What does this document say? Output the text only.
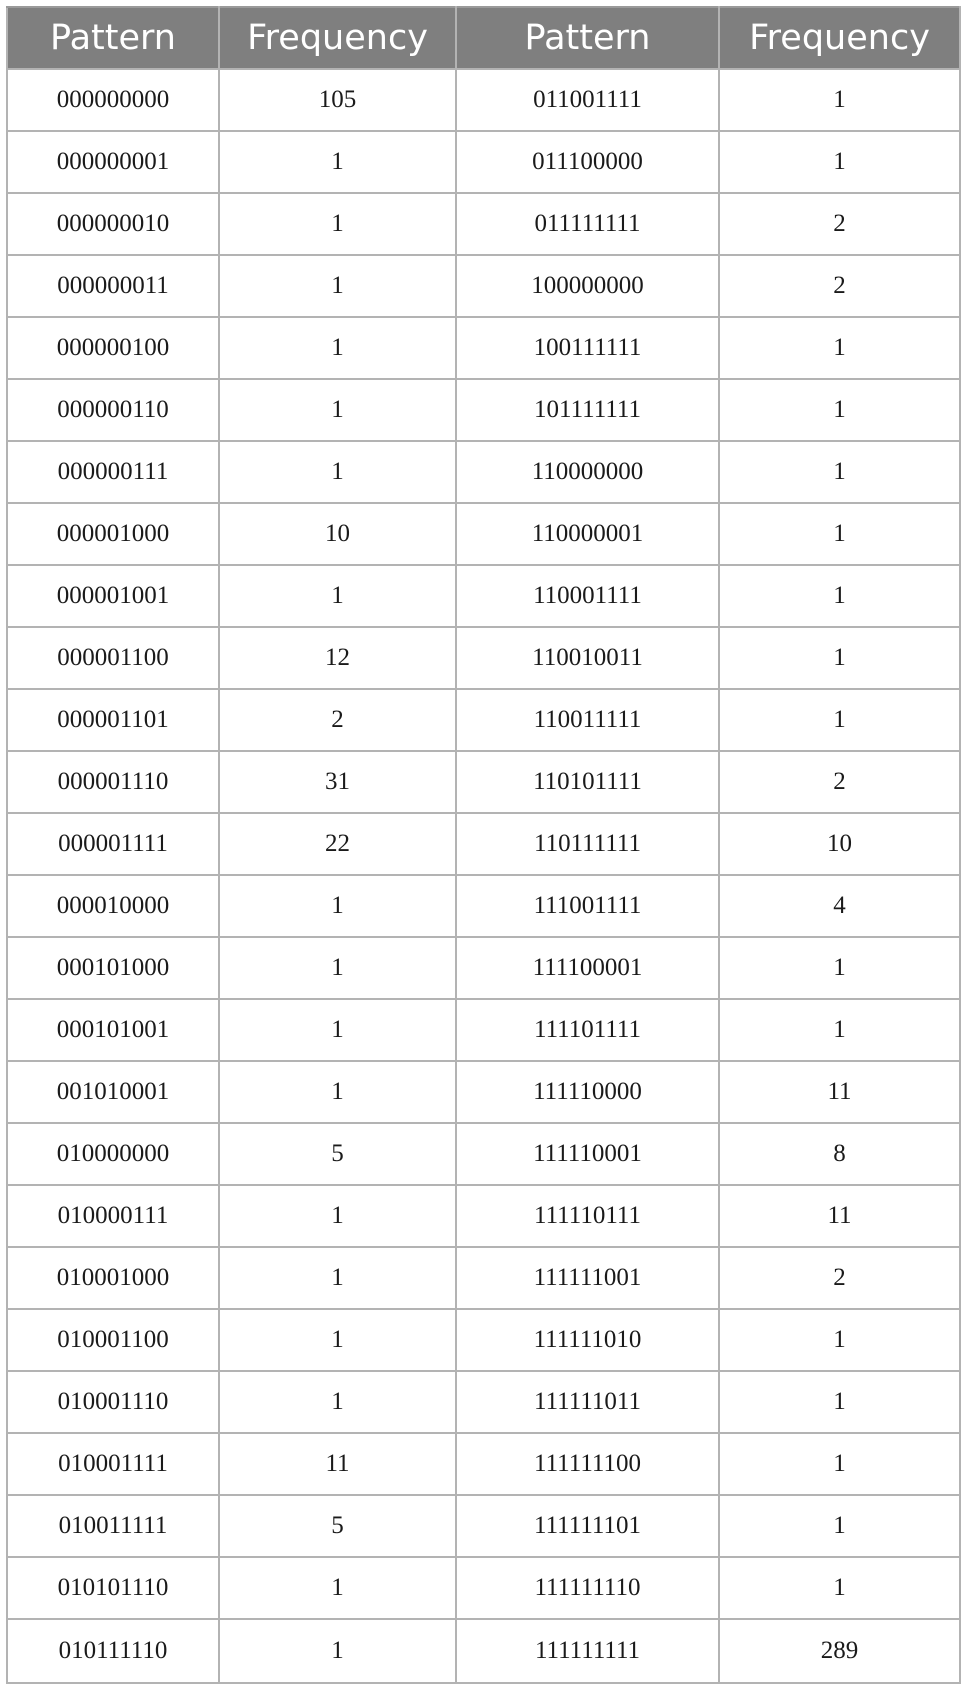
Pattern	Frequency	Pattern	Frequency
000000000	105	011001111	1
000000001	1	011100000	1
000000010	1	011111111	2
000000011	1	100000000	2
000000100	1	100111111	1
000000110	1	101111111	1
000000111	1	110000000	1
000001000	10	110000001	1
000001001	1	110001111	1
000001100	12	110010011	1
000001101	2	110011111	1
000001110	31	110101111	2
000001111	22	110111111	10
000010000	1	111001111	4
000101000	1	111100001	1
000101001	1	111101111	1
001010001	1	111110000	11
010000000	5	111110001	8
010000111	1	111110111	11
010001000	1	111111001	2
010001100	1	111111010	1
010001110	1	111111011	1
010001111	11	111111100	1
010011111	5	111111101	1
010101110	1	111111110	1
010111110	1	111111111	289
